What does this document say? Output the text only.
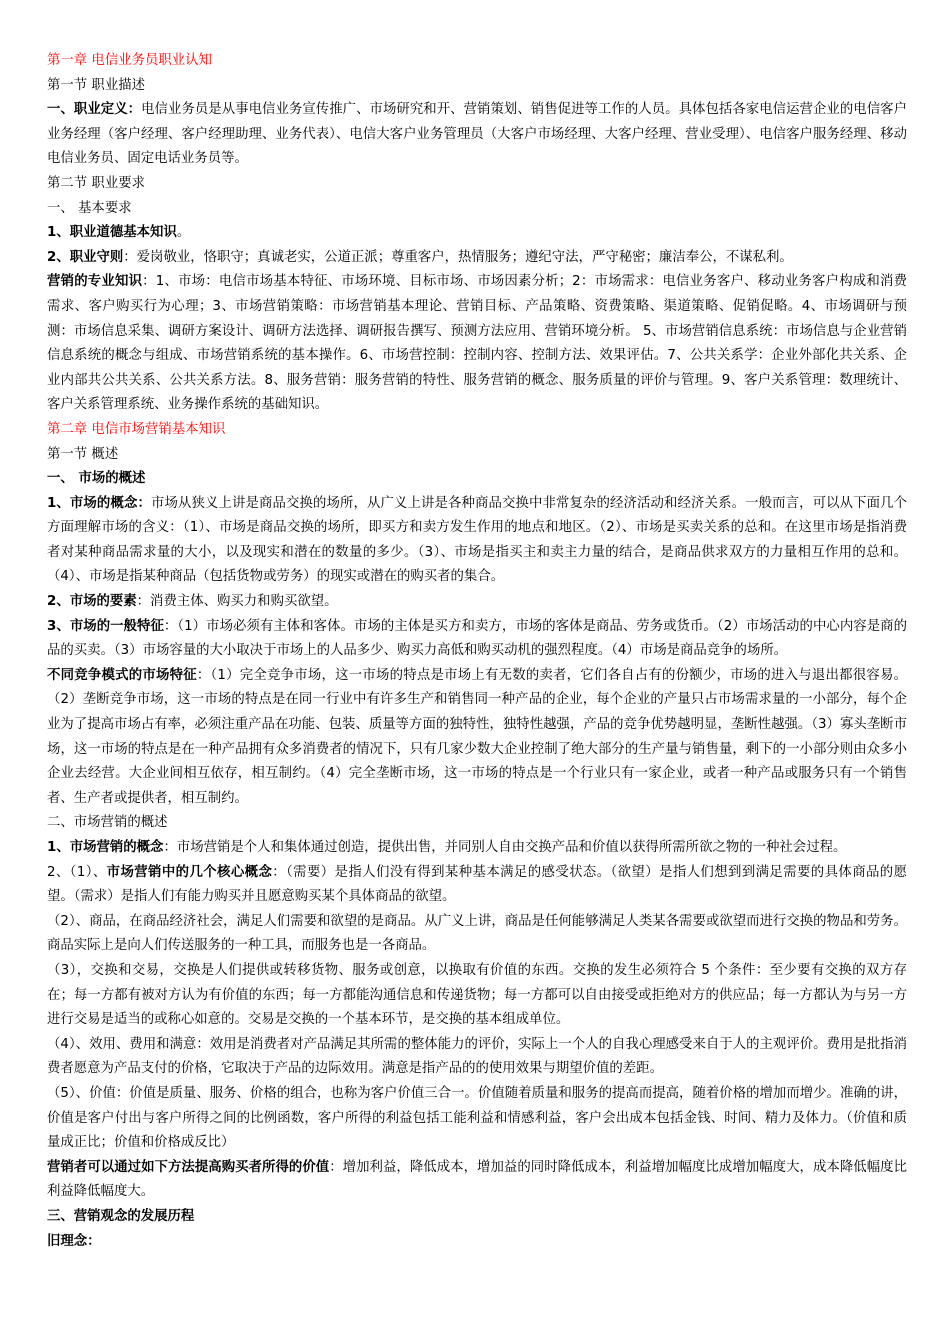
第一章 电信业务员职业认知

第一节 职业描述

一、职业定义：电信业务员是从事电信业务宣传推广、市场研究和开、营销策划、销售促进等工作的人员。具体包括各家电信运营企业的电信客户业务经理（客户经理、客户经理助理、业务代表）、电信大客户业务管理员（大客户市场经理、大客户经理、营业受理）、电信客户服务经理、移动电信业务员、固定电话业务员等。

第二节 职业要求

一、 基本要求

1、职业道德基本知识。

2、职业守则：爱岗敬业，恪职守；真诚老实，公道正派；尊重客户，热情服务；遵纪守法，严守秘密；廉洁奉公，不谋私利。

营销的专业知识：1、市场：电信市场基本特征、市场环境、目标市场、市场因素分析；2：市场需求：电信业务客户、移动业务客户构成和消费需求、客户购买行为心理；3、市场营销策略：市场营销基本理论、营销目标、产品策略、资费策略、渠道策略、促销促略。4、市场调研与预测：市场信息采集、调研方案设计、调研方法选择、调研报告撰写、预测方法应用、营销环境分析。 5、市场营销信息系统：市场信息与企业营销信息系统的概念与组成、市场营销系统的基本操作。6、市场营控制：控制内容、控制方法、效果评估。7、公共关系学：企业外部化共关系、企业内部共公共关系、公共关系方法。8、服务营销：服务营销的特性、服务营销的概念、服务质量的评价与管理。9、客户关系管理：数理统计、客户关系管理系统、业务操作系统的基础知识。

第二章 电信市场营销基本知识

第一节 概述

一、 市场的概述

1、市场的概念：市场从狭义上讲是商品交换的场所，从广义上讲是各种商品交换中非常复杂的经济活动和经济关系。一般而言，可以从下面几个方面理解市场的含义：（1）、市场是商品交换的场所，即买方和卖方发生作用的地点和地区。（2）、市场是买卖关系的总和。在这里市场是指消费者对某种商品需求量的大小，以及现实和潜在的数量的多少。（3）、市场是指买主和卖主力量的结合，是商品供求双方的力量相互作用的总和。（4）、市场是指某种商品（包括货物或劳务）的现实或潜在的购买者的集合。

2、市场的要素：消费主体、购买力和购买欲望。

3、市场的一般特征：（1）市场必须有主体和客体。市场的主体是买方和卖方，市场的客体是商品、劳务或货币。（2）市场活动的中心内容是商的品的买卖。（3）市场容量的大小取决于市场上的人品多少、购买力高低和购买动机的强烈程度。（4）市场是商品竞争的场所。

不同竞争模式的市场特征：（1）完全竞争市场，这一市场的特点是市场上有无数的卖者，它们各自占有的份额少，市场的进入与退出都很容易。（2）垄断竞争市场，这一市场的特点是在同一行业中有许多生产和销售同一种产品的企业，每个企业的产量只占市场需求量的一小部分，每个企业为了提高市场占有率，必须注重产品在功能、包装、质量等方面的独特性，独特性越强，产品的竞争优势越明显，垄断性越强。（3）寡头垄断市场，这一市场的特点是在一种产品拥有众多消费者的情况下，只有几家少数大企业控制了绝大部分的生产量与销售量，剩下的一小部分则由众多小企业去经营。大企业间相互依存，相互制约。（4）完全垄断市场，这一市场的特点是一个行业只有一家企业，或者一种产品或服务只有一个销售者、生产者或提供者，相互制约。

二、市场营销的概述

1、市场营销的概念：市场营销是个人和集体通过创造，提供出售，并同别人自由交换产品和价值以获得所需所欲之物的一种社会过程。

2、（1）、市场营销中的几个核心概念：（需要）是指人们没有得到某种基本满足的感受状态。（欲望）是指人们想到到满足需要的具体商品的愿望。（需求）是指人们有能力购买并且愿意购买某个具体商品的欲望。

（2）、商品，在商品经济社会，满足人们需要和欲望的是商品。从广义上讲，商品是任何能够满足人类某各需要或欲望而进行交换的物品和劳务。商品实际上是向人们传送服务的一种工具，而服务也是一各商品。

（3），交换和交易，交换是人们提供或转移货物、服务或创意，以换取有价值的东西。交换的发生必须符合 5 个条件：至少要有交换的双方存在；每一方都有被对方认为有价值的东西；每一方都能沟通信息和传递货物；每一方都可以自由接受或拒绝对方的供应品；每一方都认为与另一方进行交易是适当的或称心如意的。交易是交换的一个基本环节，是交换的基本组成单位。

（4）、效用、费用和满意：效用是消费者对产品满足其所需的整体能力的评价，实际上一个人的自我心理感受来自于人的主观评价。费用是批指消费者愿意为产品支付的价格，它取决于产品的边际效用。满意是指产品的的使用效果与期望价值的差距。

（5）、价值：价值是质量、服务、价格的组合，也称为客户价值三合一。价值随着质量和服务的提高而提高，随着价格的增加而增少。准确的讲，价值是客户付出与客户所得之间的比例函数，客户所得的利益包括工能利益和情感利益，客户会出成本包括金钱、时间、精力及体力。（价值和质量成正比；价值和价格成反比）

营销者可以通过如下方法提高购买者所得的价值：增加利益，降低成本，增加益的同时降低成本，利益增加幅度比成增加幅度大，成本降低幅度比利益降低幅度大。

三、营销观念的发展历程

旧理念：
